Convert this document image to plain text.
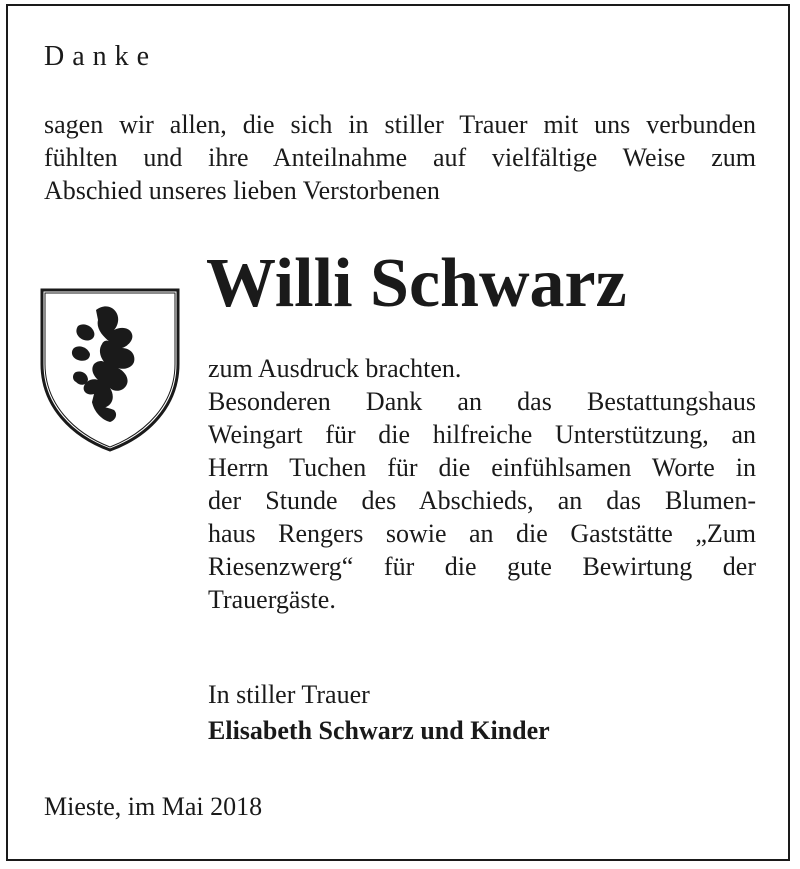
Danke
sagen wir allen, die sich in stiller Trauer mit uns verbunden
fühlten und ihre Anteilnahme auf vielfältige Weise zum
Abschied unseres lieben Verstorbenen
Willi Schwarz
zum Ausdruck brachten.
Besonderen Dank an das Bestattungshaus
Weingart für die hilfreiche Unterstützung, an
Herrn Tuchen für die einfühlsamen Worte in
der Stunde des Abschieds, an das Blumen-
haus Rengers sowie an die Gaststätte „Zum
Riesenzwerg“ für die gute Bewirtung der
Trauergäste.
In stiller Trauer
Elisabeth Schwarz und Kinder
Mieste, im Mai 2018
